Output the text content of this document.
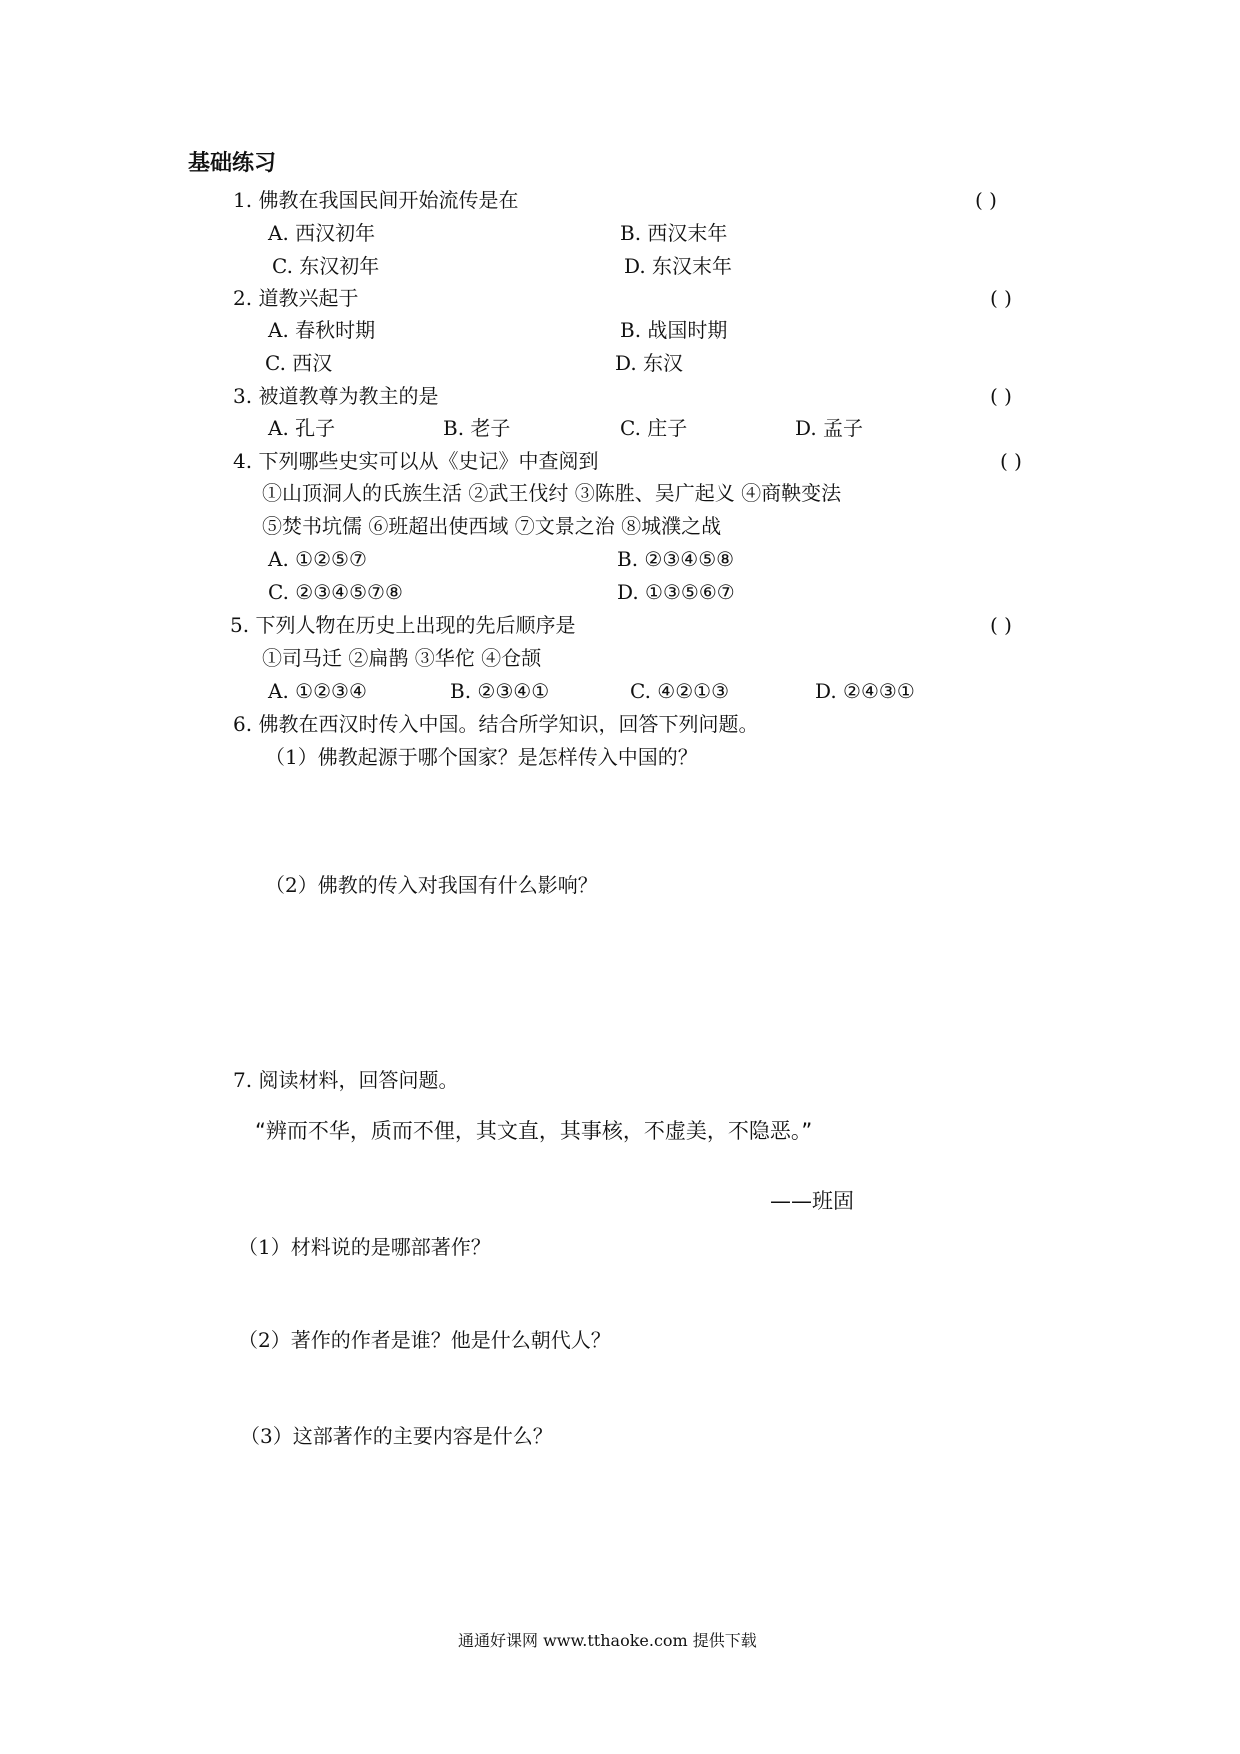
基础练习
1. 佛教在我国民间开始流传是在	( )
A. 西汉初年	B. 西汉末年
C. 东汉初年	D. 东汉末年
2. 道教兴起于	( )
A. 春秋时期	B. 战国时期
C. 西汉	D. 东汉
3. 被道教尊为教主的是	( )
A. 孔子	B. 老子	C. 庄子	D. 孟子
4. 下列哪些史实可以从《史记》中查阅到	( )
①山顶洞人的氏族生活 ②武王伐纣 ③陈胜、吴广起义 ④商鞅变法
⑤焚书坑儒 ⑥班超出使西域 ⑦文景之治 ⑧城濮之战
A. ①②⑤⑦	B. ②③④⑤⑧
C. ②③④⑤⑦⑧	D. ①③⑤⑥⑦
5. 下列人物在历史上出现的先后顺序是	( )
①司马迁 ②扁鹊 ③华佗 ④仓颉
A. ①②③④	B. ②③④①	C. ④②①③	D. ②④③①
6. 佛教在西汉时传入中国。结合所学知识，回答下列问题。
（1）佛教起源于哪个国家？是怎样传入中国的？
（2）佛教的传入对我国有什么影响？
7. 阅读材料，回答问题。
“辨而不华，质而不俚，其文直，其事核，不虚美，不隐恶。”
——班固
（1）材料说的是哪部著作？
（2）著作的作者是谁？他是什么朝代人？
（3）这部著作的主要内容是什么？
通通好课网 www.tthaoke.com 提供下载
